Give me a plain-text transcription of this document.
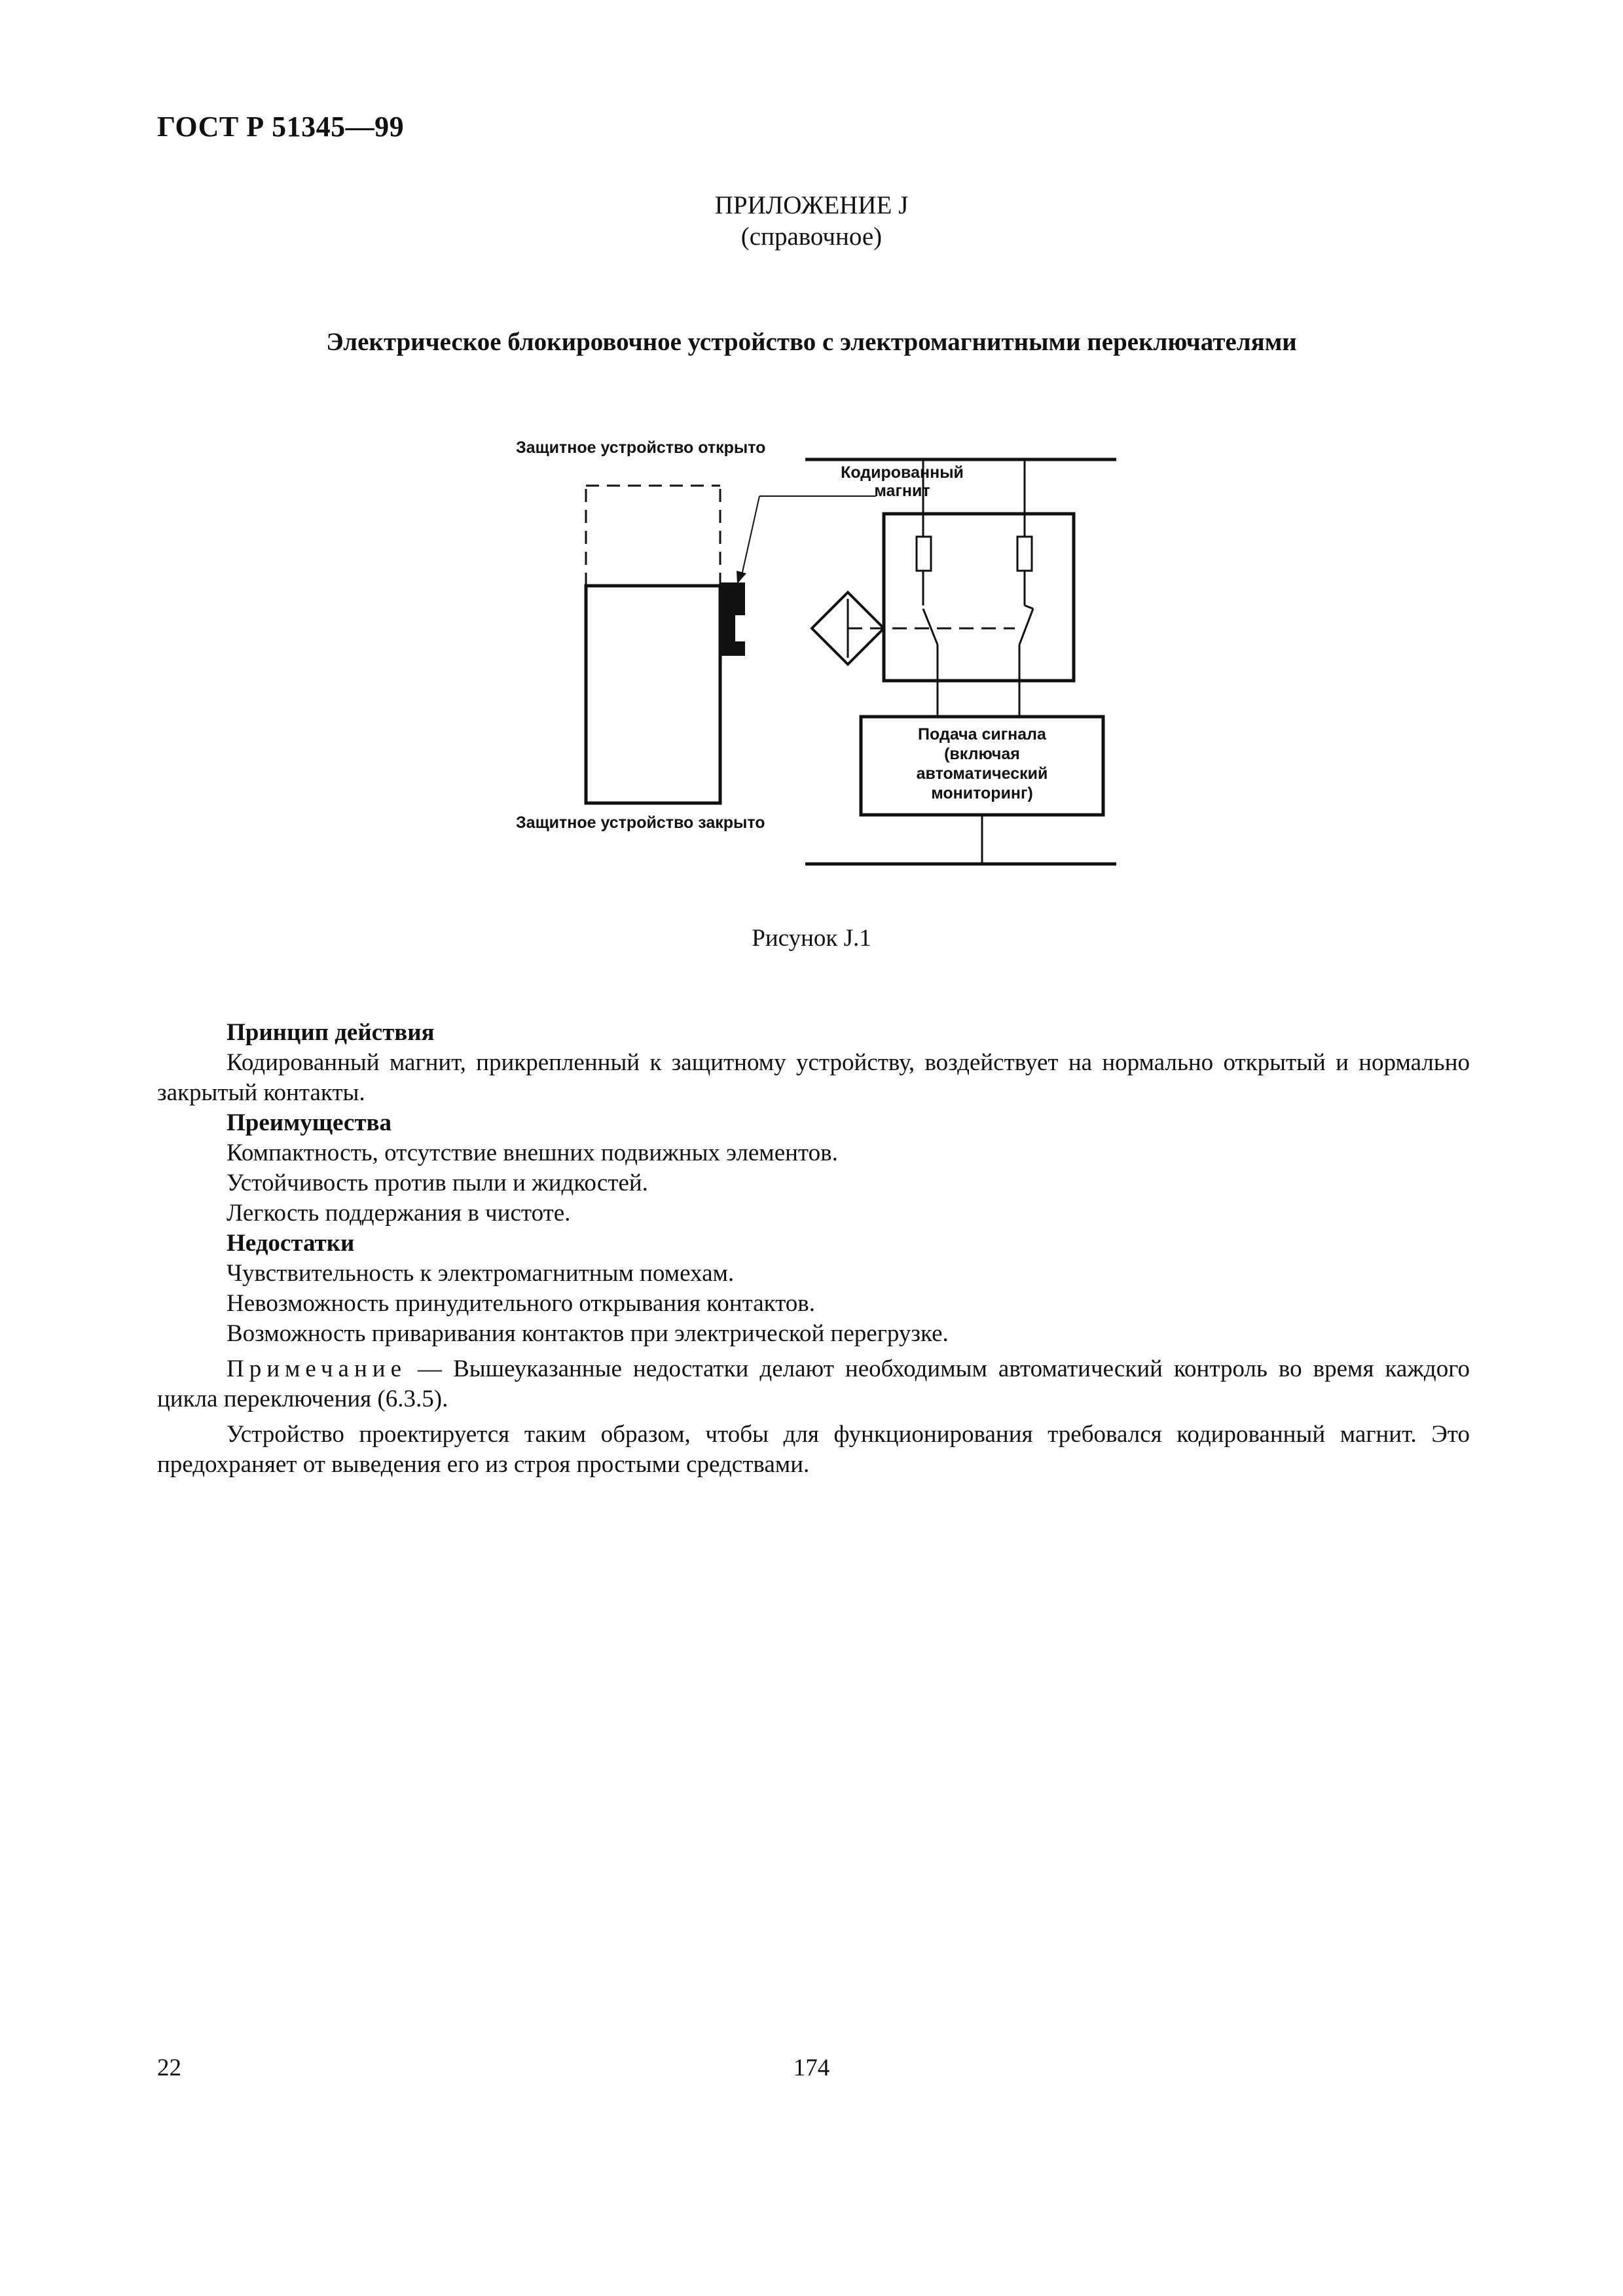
ГОСТ Р 51345—99
ПРИЛОЖЕНИЕ J
(справочное)
Электрическое блокировочное устройство с электромагнитными переключателями
Защитное устройство открыто
Кодированный
магнит
Подача сигнала
(включая
автоматический
мониторинг)
Защитное устройство закрыто
Рисунок J.1

Принцип действия

Кодированный магнит, прикрепленный к защитному устройству, воздействует на нормально открытый и нормально закрытый контакты.

Преимущества

Компактность, отсутствие внешних подвижных элементов.

Устойчивость против пыли и жидкостей.

Легкость поддержания в чистоте.

Недостатки

Чувствительность к электромагнитным помехам.

Невозможность принудительного открывания контактов.

Возможность приваривания контактов при электрической перегрузке.

Примечание — Вышеуказанные недостатки делают необходимым автоматический контроль во время каждого цикла переключения (6.3.5).

Устройство проектируется таким образом, чтобы для функционирования требовался кодированный магнит. Это предохраняет от выведения его из строя простыми средствами.

22	174
